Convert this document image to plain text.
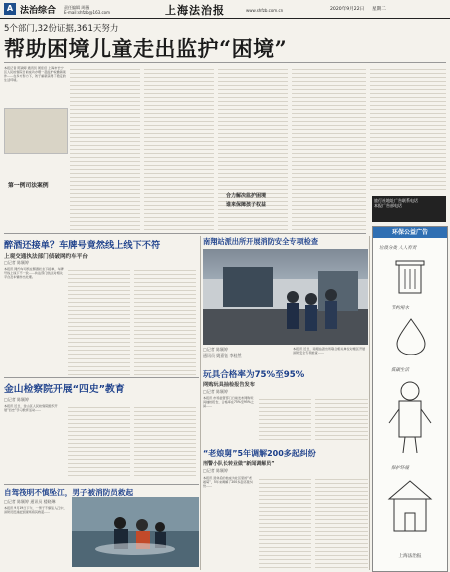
A 法治综合 责任编辑 周薇
E-mail:shfzb@163.com	上海法治报	www.shfzb.com.cn	2020年9月22日 星期二
5个部门,32份证据,361天努力
帮助困境儿童走出监护“困境”
本报记者 陈颖婷 通讯员 周佳佳 上海市长宁区人民检察院日前成功办理一起监护权撤销案件……在多方努力下，孩子重新获得了稳定的生活环境。
第一例司法案例
合力解决监护困境
谁来保障孩子权益
旅行社地址广告联系电话
本报广告部电话
醉酒还接单？车牌号竟然线上线下不符
上观交通执法部门侦破网约车平台
□记者 陈颖婷
本报讯 网约车司机在醉酒状态下接单，车牌号线上线下不一致……执法部门依法对相关平台及车辆作出处理。
南翔站派出所开展消防安全专项检查
□记者 陈颖婷
通讯员 姚嘉钰 李桂然
本报讯 近日，南翔站派出所联合相关单位对辖区开展消防安全专项检查……
玩具合格率为75%至95%
网购玩具抽检报告发布
□记者 陈颖婷
本报讯 市场监管部门日前发布网购玩具抽检报告，合格率在75%至95%之间……
“老娘舅”5年调解200多起纠纷
刑警小队长转业做“新闻调解员”
□记者 陈颖婷
本报讯 退休后的他成为社区里的“老娘舅”，5年来调解了200多起邻里纠纷……
金山检察院开展“四史”教育
□记者 陈颖婷
本报讯 近日，金山区人民检察院组织开展“四史”学习教育活动……
自驾筏明不慎坠江，男子被消防员救起
□记者 陈颖婷 通讯员 楼晓琳
本报讯 9月19日下午，一男子不慎坠入江中，消防员迅速赶到现场将其救起……
环保公益广告
垃圾分类 人人有责
节约用水
低碳生活
保护环境
上海法治报
